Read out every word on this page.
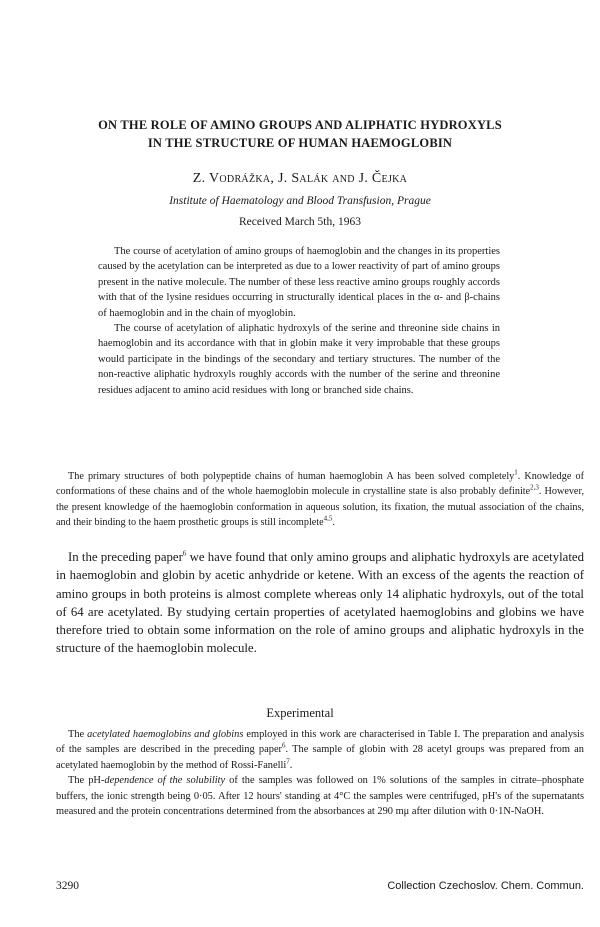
ON THE ROLE OF AMINO GROUPS AND ALIPHATIC HYDROXYLS
IN THE STRUCTURE OF HUMAN HAEMOGLOBIN

Z. Vodrážka, J. Salák and J. Čejka

Institute of Haematology and Blood Transfusion, Prague

Received March 5th, 1963

The course of acetylation of amino groups of haemoglobin and the changes in its properties caused by the acetylation can be interpreted as due to a lower reactivity of part of amino groups present in the native molecule. The number of these less reactive amino groups roughly accords with that of the lysine residues occurring in structurally identical places in the α- and β-chains of haemoglobin and in the chain of myoglobin.

The course of acetylation of aliphatic hydroxyls of the serine and threonine side chains in haemoglobin and its accordance with that in globin make it very improbable that these groups would participate in the bindings of the secondary and tertiary structures. The number of the non-reactive aliphatic hydroxyls roughly accords with the number of the serine and threonine residues adjacent to amino acid residues with long or branched side chains.

The primary structures of both polypeptide chains of human haemoglobin A has been solved completely$^1$. Knowledge of conformations of these chains and of the whole haemoglobin molecule in crystalline state is also probably definite$^{2,3}$. However, the present knowledge of the haemoglobin conformation in aqueous solution, its fixation, the mutual association of the chains, and their binding to the haem prosthetic groups is still incomplete$^{4,5}$.

In the preceding paper$^6$ we have found that only amino groups and aliphatic hydroxyls are acetylated in haemoglobin and globin by acetic anhydride or ketene. With an excess of the agents the reaction of amino groups in both proteins is almost complete whereas only 14 aliphatic hydroxyls, out of the total of 64 are acetylated. By studying certain properties of acetylated haemoglobins and globins we have therefore tried to obtain some information on the role of amino groups and aliphatic hydroxyls in the structure of the haemoglobin molecule.

Experimental

The acetylated haemoglobins and globins employed in this work are characterised in Table I. The preparation and analysis of the samples are described in the preceding paper$^6$. The sample of globin with 28 acetyl groups was prepared from an acetylated haemoglobin by the method of Rossi-Fanelli$^7$.

The pH-dependence of the solubility of the samples was followed on 1% solutions of the samples in citrate–phosphate buffers, the ionic strength being 0·05. After 12 hours' standing at 4°C the samples were centrifuged, pH's of the supernatants measured and the protein concentrations determined from the absorbances at 290 mμ after dilution with 0·1N-NaOH.

3290	Collection Czechoslov. Chem. Commun.
